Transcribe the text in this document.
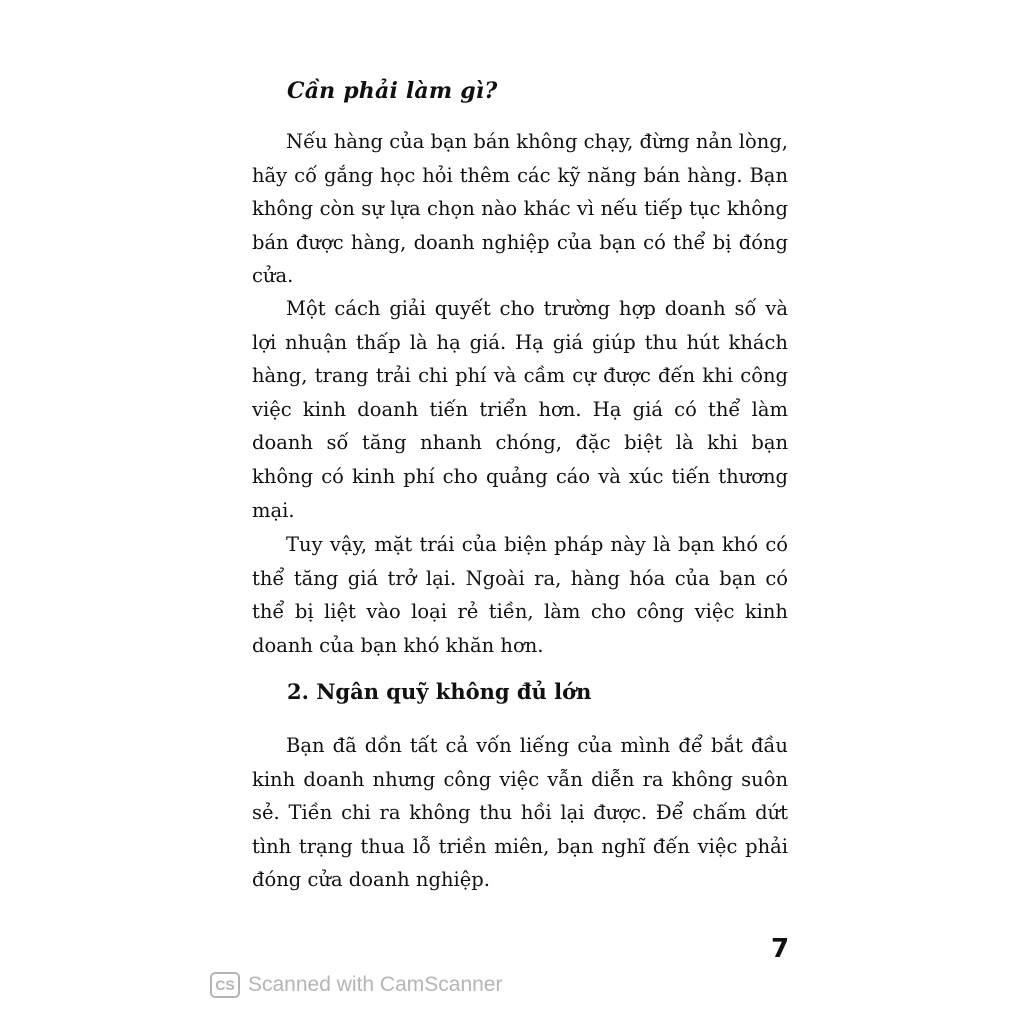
Cần phải làm gì?

Nếu hàng của bạn bán không chạy, đừng nản lòng, hãy cố gắng học hỏi thêm các kỹ năng bán hàng. Bạn không còn sự lựa chọn nào khác vì nếu tiếp tục không bán được hàng, doanh nghiệp của bạn có thể bị đóng cửa.

Một cách giải quyết cho trường hợp doanh số và lợi nhuận thấp là hạ giá. Hạ giá giúp thu hút khách hàng, trang trải chi phí và cầm cự được đến khi công việc kinh doanh tiến triển hơn. Hạ giá có thể làm doanh số tăng nhanh chóng, đặc biệt là khi bạn không có kinh phí cho quảng cáo và xúc tiến thương mại.

Tuy vậy, mặt trái của biện pháp này là bạn khó có thể tăng giá trở lại. Ngoài ra, hàng hóa của bạn có thể bị liệt vào loại rẻ tiền, làm cho công việc kinh doanh của bạn khó khăn hơn.

2. Ngân quỹ không đủ lớn

Bạn đã dồn tất cả vốn liếng của mình để bắt đầu kinh doanh nhưng công việc vẫn diễn ra không suôn sẻ. Tiền chi ra không thu hồi lại được. Để chấm dứt tình trạng thua lỗ triền miên, bạn nghĩ đến việc phải đóng cửa doanh nghiệp.

7
CS Scanned with CamScanner
